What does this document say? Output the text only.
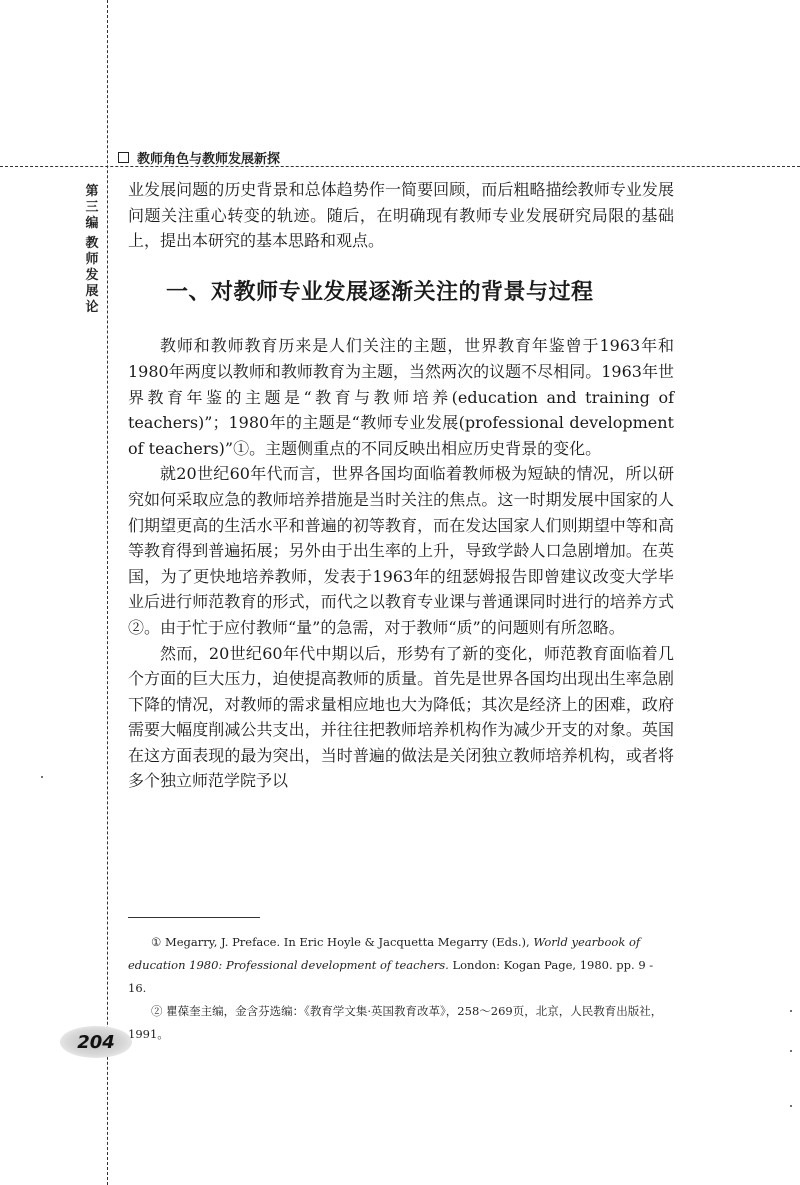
教师角色与教师发展新探
第三编
教师发展论

业发展问题的历史背景和总体趋势作一简要回顾，而后粗略描绘教师专业发展问题关注重心转变的轨迹。随后，在明确现有教师专业发展研究局限的基础上，提出本研究的基本思路和观点。

一、对教师专业发展逐渐关注的背景与过程

教师和教师教育历来是人们关注的主题，世界教育年鉴曾于1963年和1980年两度以教师和教师教育为主题，当然两次的议题不尽相同。1963年世界教育年鉴的主题是“教育与教师培养(education and training of teachers)”；1980年的主题是“教师专业发展(professional development of teachers)”①。主题侧重点的不同反映出相应历史背景的变化。

就20世纪60年代而言，世界各国均面临着教师极为短缺的情况，所以研究如何采取应急的教师培养措施是当时关注的焦点。这一时期发展中国家的人们期望更高的生活水平和普遍的初等教育，而在发达国家人们则期望中等和高等教育得到普遍拓展；另外由于出生率的上升，导致学龄人口急剧增加。在英国，为了更快地培养教师，发表于1963年的纽瑟姆报告即曾建议改变大学毕业后进行师范教育的形式，而代之以教育专业课与普通课同时进行的培养方式②。由于忙于应付教师“量”的急需，对于教师“质”的问题则有所忽略。

然而，20世纪60年代中期以后，形势有了新的变化，师范教育面临着几个方面的巨大压力，迫使提高教师的质量。首先是世界各国均出现出生率急剧下降的情况，对教师的需求量相应地也大为降低；其次是经济上的困难，政府需要大幅度削减公共支出，并往往把教师培养机构作为减少开支的对象。英国在这方面表现的最为突出，当时普遍的做法是关闭独立教师培养机构，或者将多个独立师范学院予以

① Megarry, J. Preface. In Eric Hoyle & Jacquetta Megarry (Eds.), World yearbook of education 1980: Professional development of teachers. London: Kogan Page, 1980. pp. 9 - 16.

② 瞿葆奎主编，金含芬选编：《教育学文集·英国教育改革》，258～269页，北京，人民教育出版社，1991。

204
